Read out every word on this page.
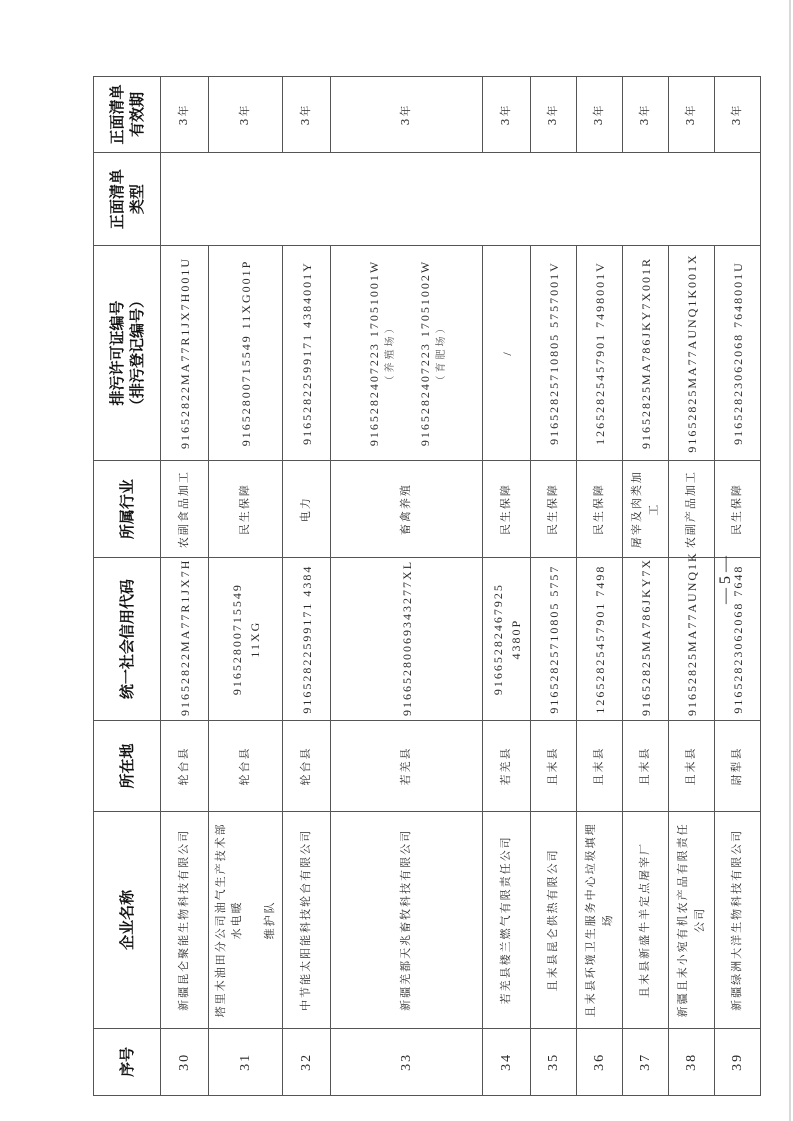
序号	企业名称	所在地	统一社会信用代码	所属行业	排污许可证编号 （排污登记编号）	正面清单 类型	正面清单 有效期
30	新疆昆仑聚能生物科技有限公司	轮台县	91652822MA77R1JX7H	农副食品加工	91652822MA77R1JX7H001U		3年
31	塔里木油田分公司油气生产技术部水电暖 维护队	轮台县	91652800715549 11XG	民生保障	91652800715549 11XG001P		3年
32	中节能太阳能科技轮台有限公司	轮台县	91652822599171 4384	电力	91652822599171 4384001Y		3年
33	新疆羌都天兆畜牧科技有限公司	若羌县	91665280069343277XL	畜禽养殖	9165282407223 17051001W （养殖场） 9165282407223 17051002W （育肥场）		3年
34	若羌县楼兰燃气有限责任公司	若羌县	91665282467925 4380P	民生保障	/		3年
35	且末县昆仑供热有限公司	且末县	91652825710805 5757	民生保障	91652825710805 5757001V		3年
36	且末县环境卫生服务中心垃圾填埋场	且末县	12652825457901 7498	民生保障	12652825457901 7498001V		3年
37	且末县新盛牛羊定点屠宰厂	且末县	91652825MA786JKY7X	屠宰及肉类加工	91652825MA786JKY7X001R		3年
38	新疆且末小宛有机农产品有限责任公司	且末县	91652825MA77AUNQ1K	农副产品加工	91652825MA77AUNQ1K001X		3年
39	新疆绿洲大洋生物科技有限公司	尉犁县	91652823062068 7648	民生保障	91652823062068 7648001U		3年
— 5 —
